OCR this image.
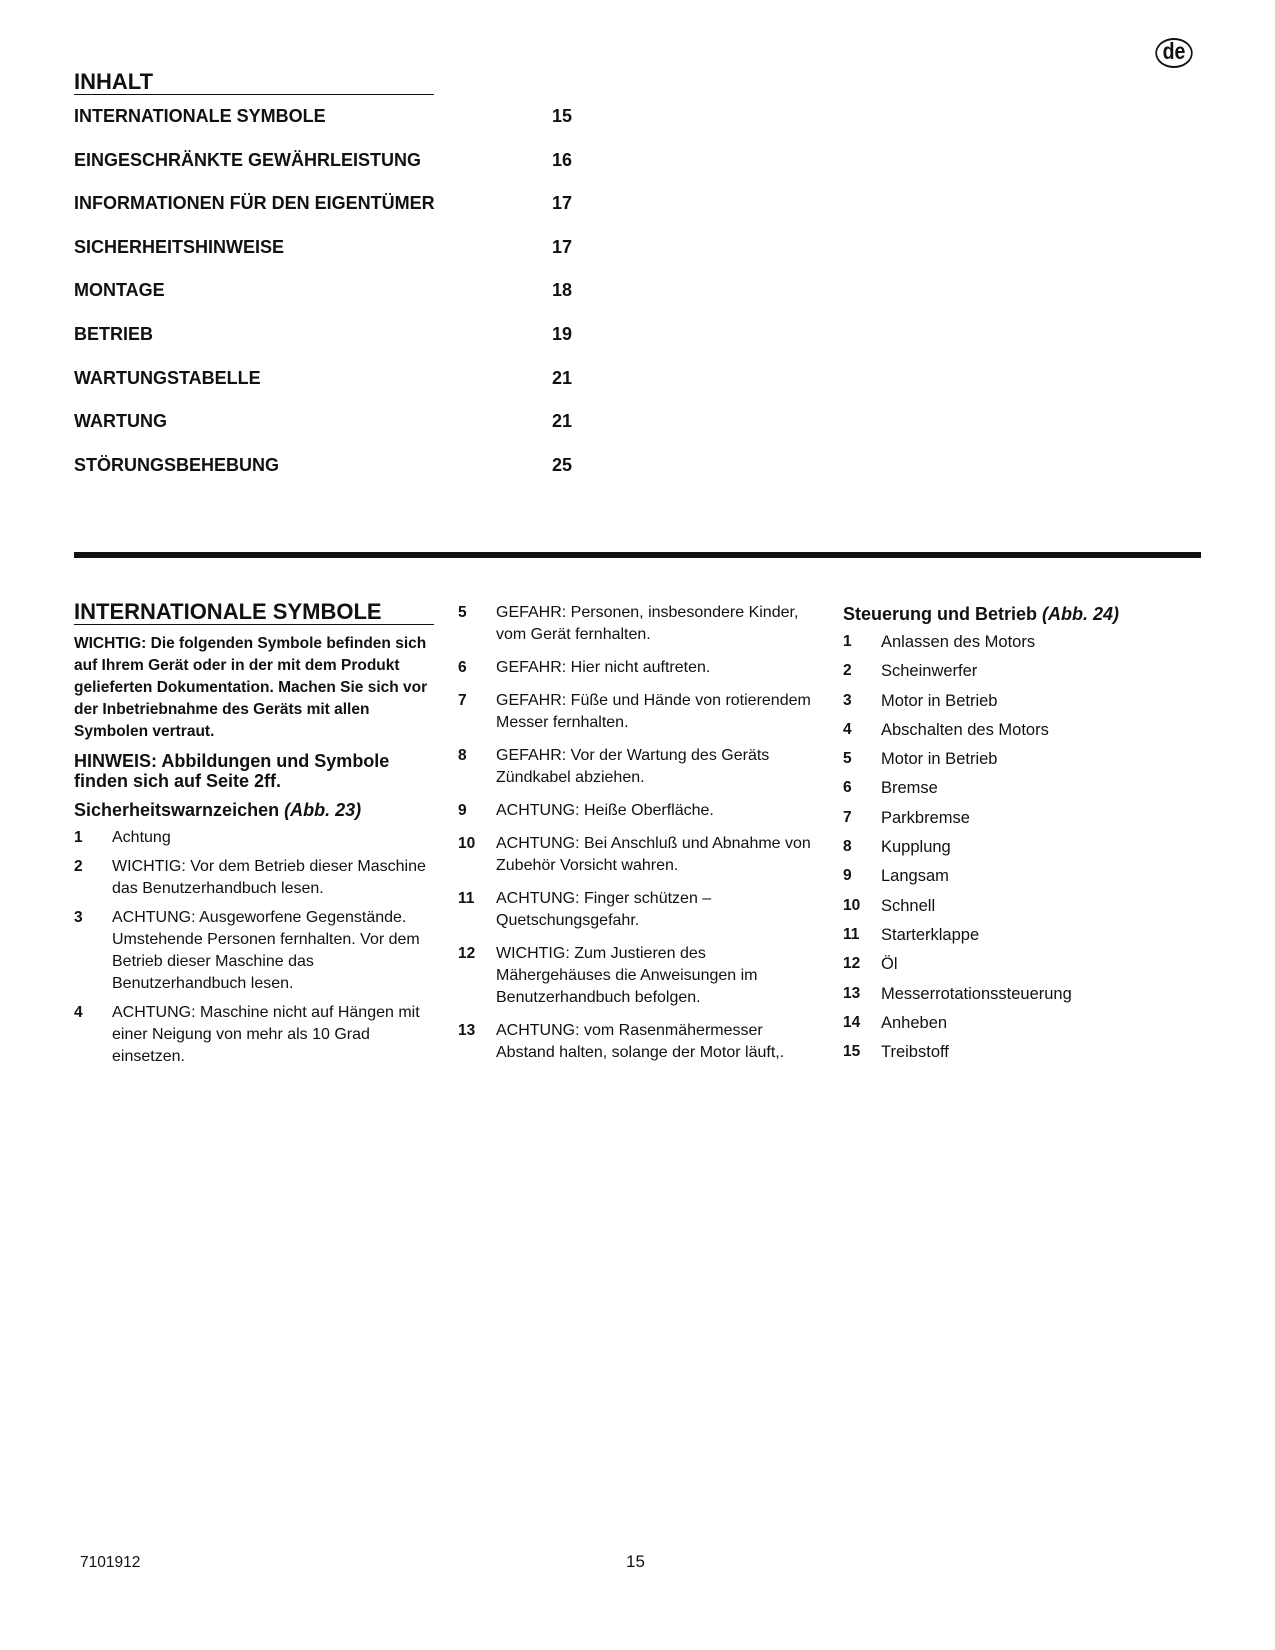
de
INHALT
INTERNATIONALE SYMBOLE	15
EINGESCHRÄNKTE GEWÄHRLEISTUNG	16
INFORMATIONEN FÜR DEN EIGENTÜMER	17
SICHERHEITSHINWEISE	17
MONTAGE	18
BETRIEB	19
WARTUNGSTABELLE	21
WARTUNG	21
STÖRUNGSBEHEBUNG	25
INTERNATIONALE SYMBOLE
WICHTIG: Die folgenden Symbole befinden sich auf Ihrem Gerät oder in der mit dem Produkt gelieferten Dokumentation. Machen Sie sich vor der Inbetriebnahme des Geräts mit allen Symbolen vertraut.
HINWEIS: Abbildungen und Symbole finden sich auf Seite 2ff.
Sicherheitswarnzeichen (Abb. 23)
1	Achtung
2	WICHTIG: Vor dem Betrieb dieser Maschine das Benutzerhandbuch lesen.
3	ACHTUNG: Ausgeworfene Gegenstände. Umstehende Personen fernhalten. Vor dem Betrieb dieser Maschine das Benutzerhandbuch lesen.
4	ACHTUNG: Maschine nicht auf Hängen mit einer Neigung von mehr als 10 Grad einsetzen.
5	GEFAHR: Personen, insbesondere Kinder, vom Gerät fernhalten.
6	GEFAHR: Hier nicht auftreten.
7	GEFAHR: Füße und Hände von rotierendem Messer fernhalten.
8	GEFAHR: Vor der Wartung des Geräts Zündkabel abziehen.
9	ACHTUNG: Heiße Oberfläche.
10	ACHTUNG: Bei Anschluß und Abnahme von Zubehör Vorsicht wahren.
11	ACHTUNG: Finger schützen – Quetschungsgefahr.
12	WICHTIG: Zum Justieren des Mähergehäuses die Anweisungen im Benutzerhandbuch befolgen.
13	ACHTUNG: vom Rasenmähermesser Abstand halten, solange der Motor läuft,.
Steuerung und Betrieb (Abb. 24)
1	Anlassen des Motors
2	Scheinwerfer
3	Motor in Betrieb
4	Abschalten des Motors
5	Motor in Betrieb
6	Bremse
7	Parkbremse
8	Kupplung
9	Langsam
10	Schnell
11	Starterklappe
12	Öl
13	Messerrotationssteuerung
14	Anheben
15	Treibstoff
7101912	15
